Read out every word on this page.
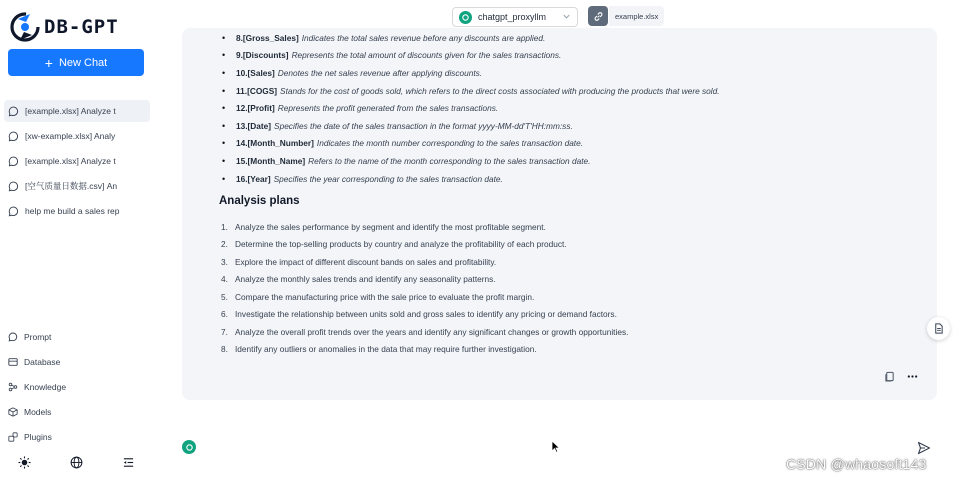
DB-GPT
+ New Chat
[example.xlsx] Analyze t
[xw-example.xlsx] Analy
[example.xlsx] Analyze t
[空气质量日数据.csv] An
help me build a sales rep
Prompt
Database
Knowledge
Models
Plugins
chatgpt_proxyllm	example.xlsx
•	8.[Gross_Sales] Indicates the total sales revenue before any discounts are applied.
•	9.[Discounts] Represents the total amount of discounts given for the sales transactions.
•	10.[Sales] Denotes the net sales revenue after applying discounts.
•	11.[COGS] Stands for the cost of goods sold, which refers to the direct costs associated with producing the products that were sold.
•	12.[Profit] Represents the profit generated from the sales transactions.
•	13.[Date] Specifies the date of the sales transaction in the format yyyy-MM-dd'T'HH:mm:ss.
•	14.[Month_Number] Indicates the month number corresponding to the sales transaction date.
•	15.[Month_Name] Refers to the name of the month corresponding to the sales transaction date.
•	16.[Year] Specifies the year corresponding to the sales transaction date.
Analysis plans
1. Analyze the sales performance by segment and identify the most profitable segment.
2. Determine the top-selling products by country and analyze the profitability of each product.
3. Explore the impact of different discount bands on sales and profitability.
4. Analyze the monthly sales trends and identify any seasonality patterns.
5. Compare the manufacturing price with the sale price to evaluate the profit margin.
6. Investigate the relationship between units sold and gross sales to identify any pricing or demand factors.
7. Analyze the overall profit trends over the years and identify any significant changes or growth opportunities.
8. Identify any outliers or anomalies in the data that may require further investigation.
CSDN @whaosoft143
